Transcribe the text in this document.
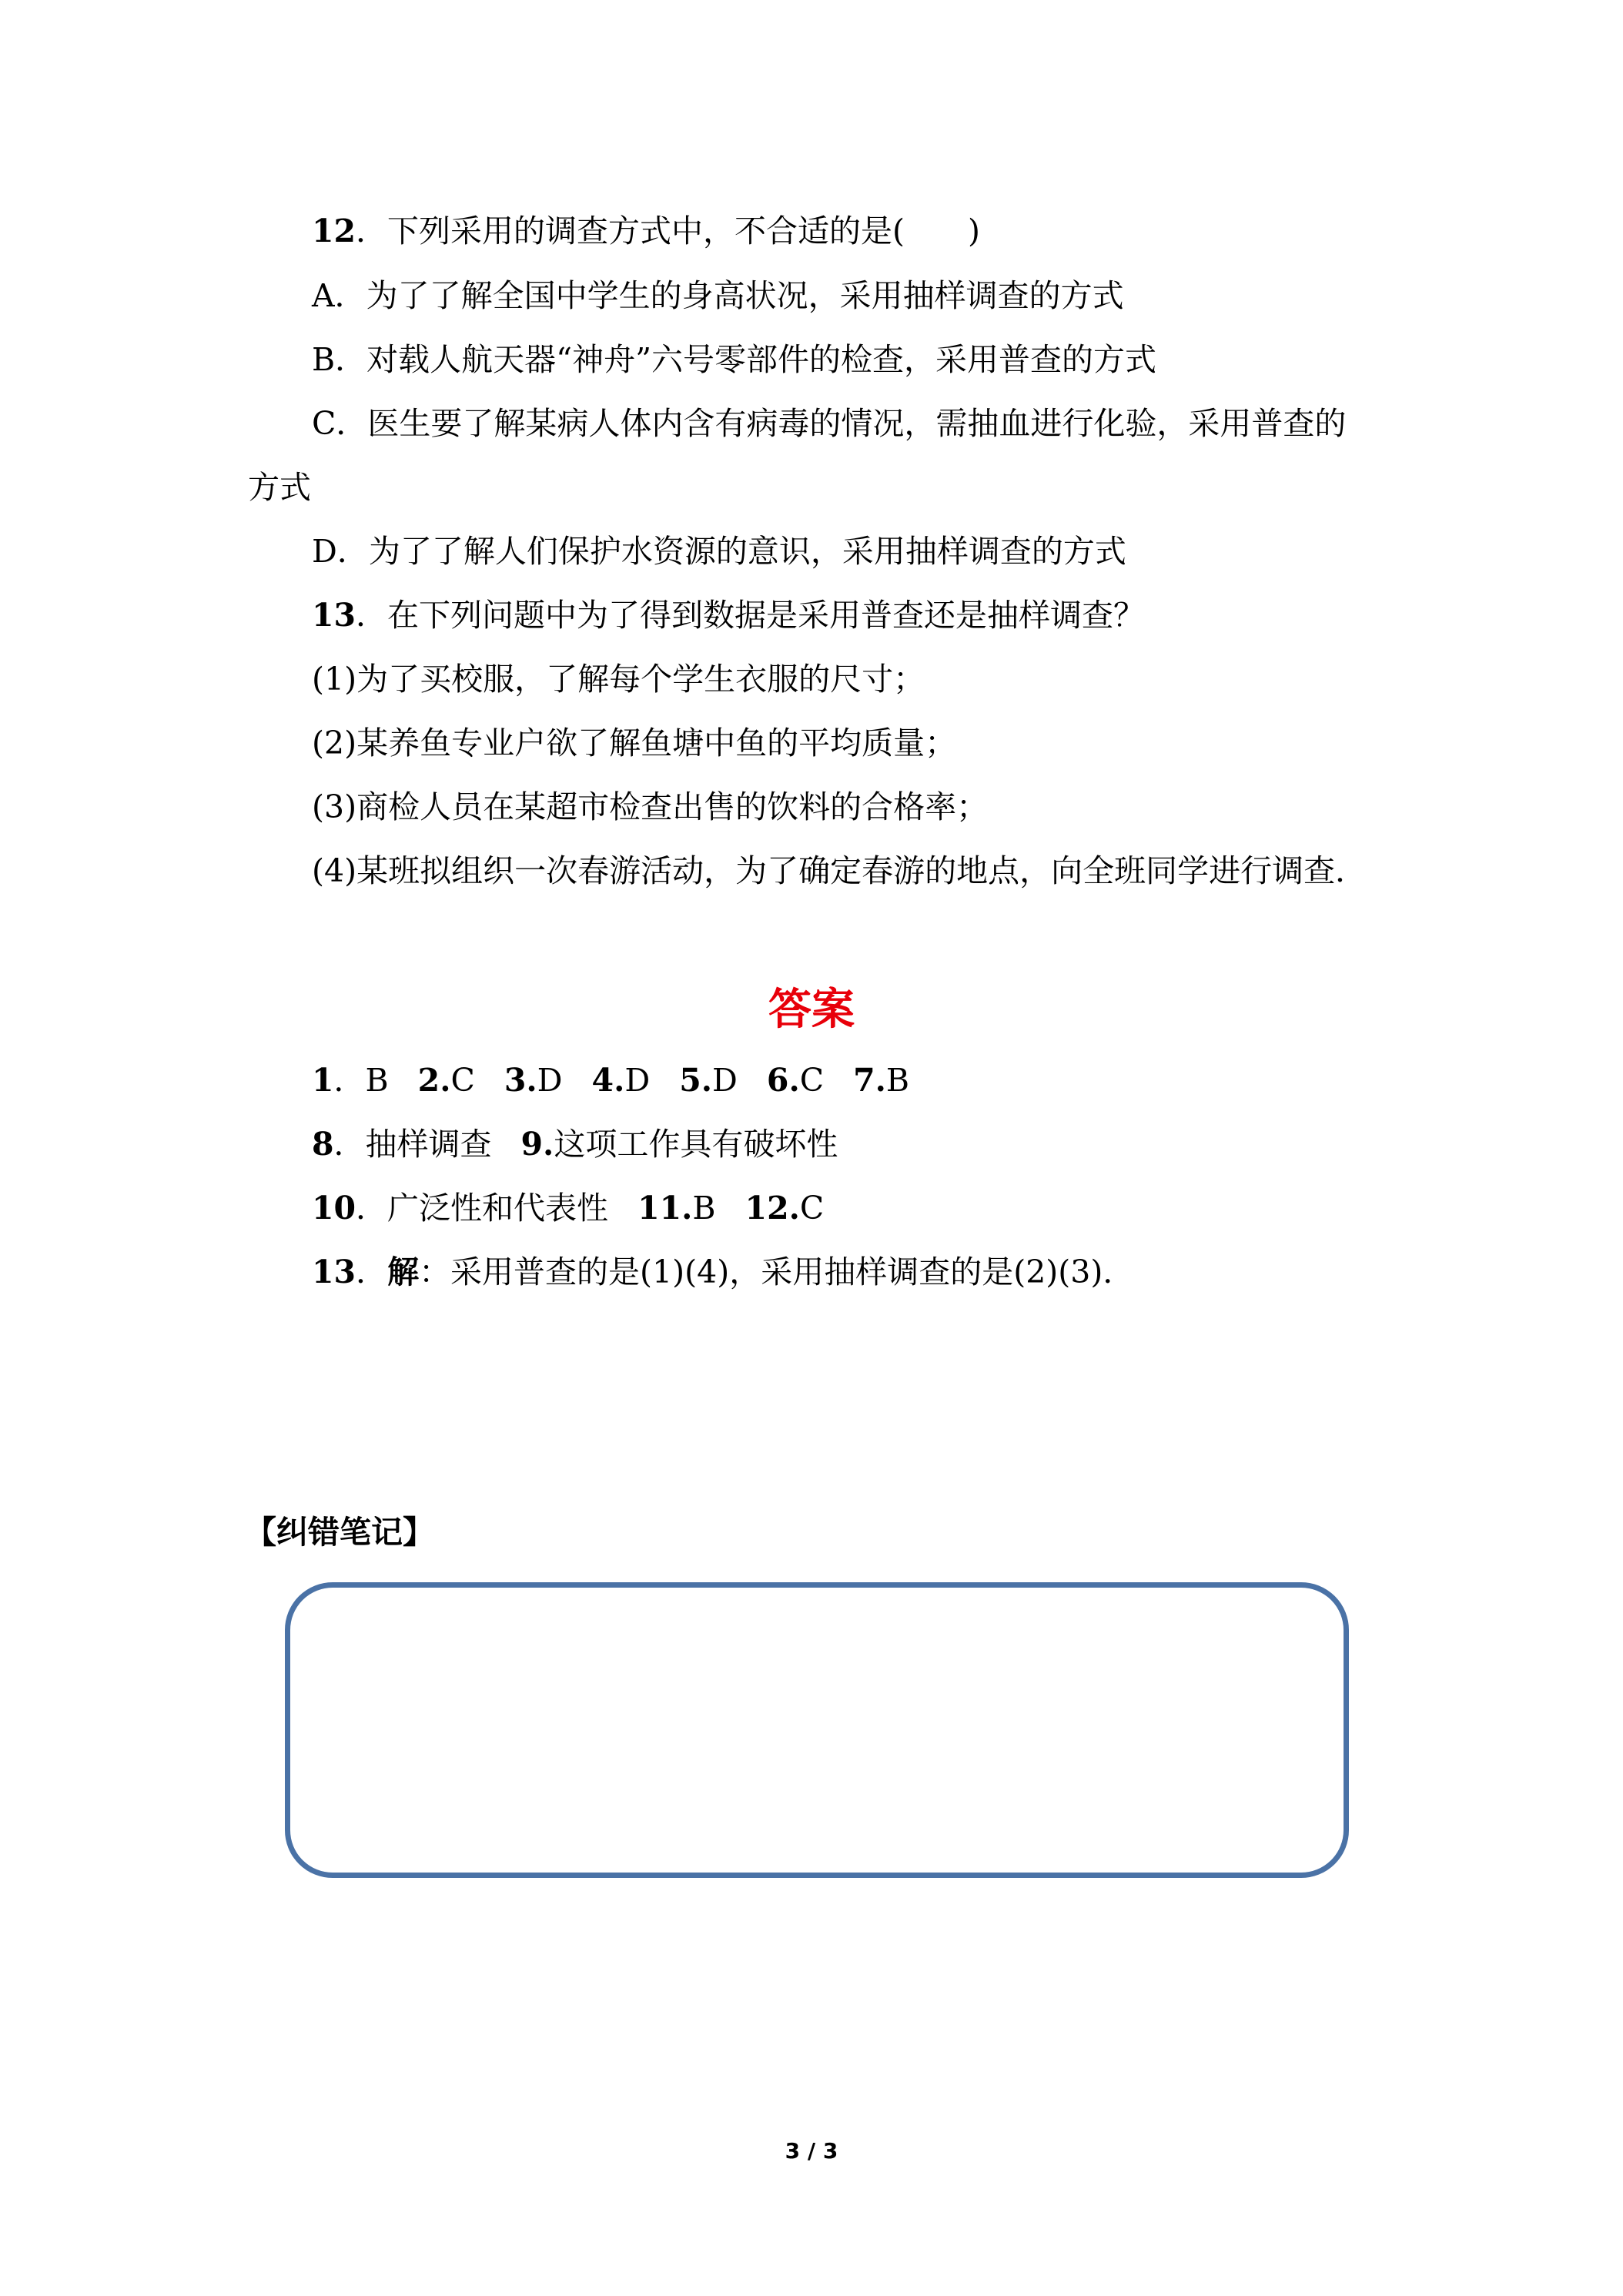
12．下列采用的调查方式中，不合适的是(　　)
A．为了了解全国中学生的身高状况，采用抽样调查的方式
B．对载人航天器“神舟”六号零部件的检查，采用普查的方式
C．医生要了解某病人体内含有病毒的情况，需抽血进行化验，采用普查的
方式
D．为了了解人们保护水资源的意识，采用抽样调查的方式
13．在下列问题中为了得到数据是采用普查还是抽样调查？
(1)为了买校服，了解每个学生衣服的尺寸；
(2)某养鱼专业户欲了解鱼塘中鱼的平均质量；
(3)商检人员在某超市检查出售的饮料的合格率；
(4)某班拟组织一次春游活动，为了确定春游的地点，向全班同学进行调查．
答案
1．B 2.C 3.D 4.D 5.D 6.C 7.B
8．抽样调查 9.这项工作具有破坏性
10．广泛性和代表性 11.B 12.C
13．解：采用普查的是(1)(4)，采用抽样调查的是(2)(3)．
【纠错笔记】
3 / 3
